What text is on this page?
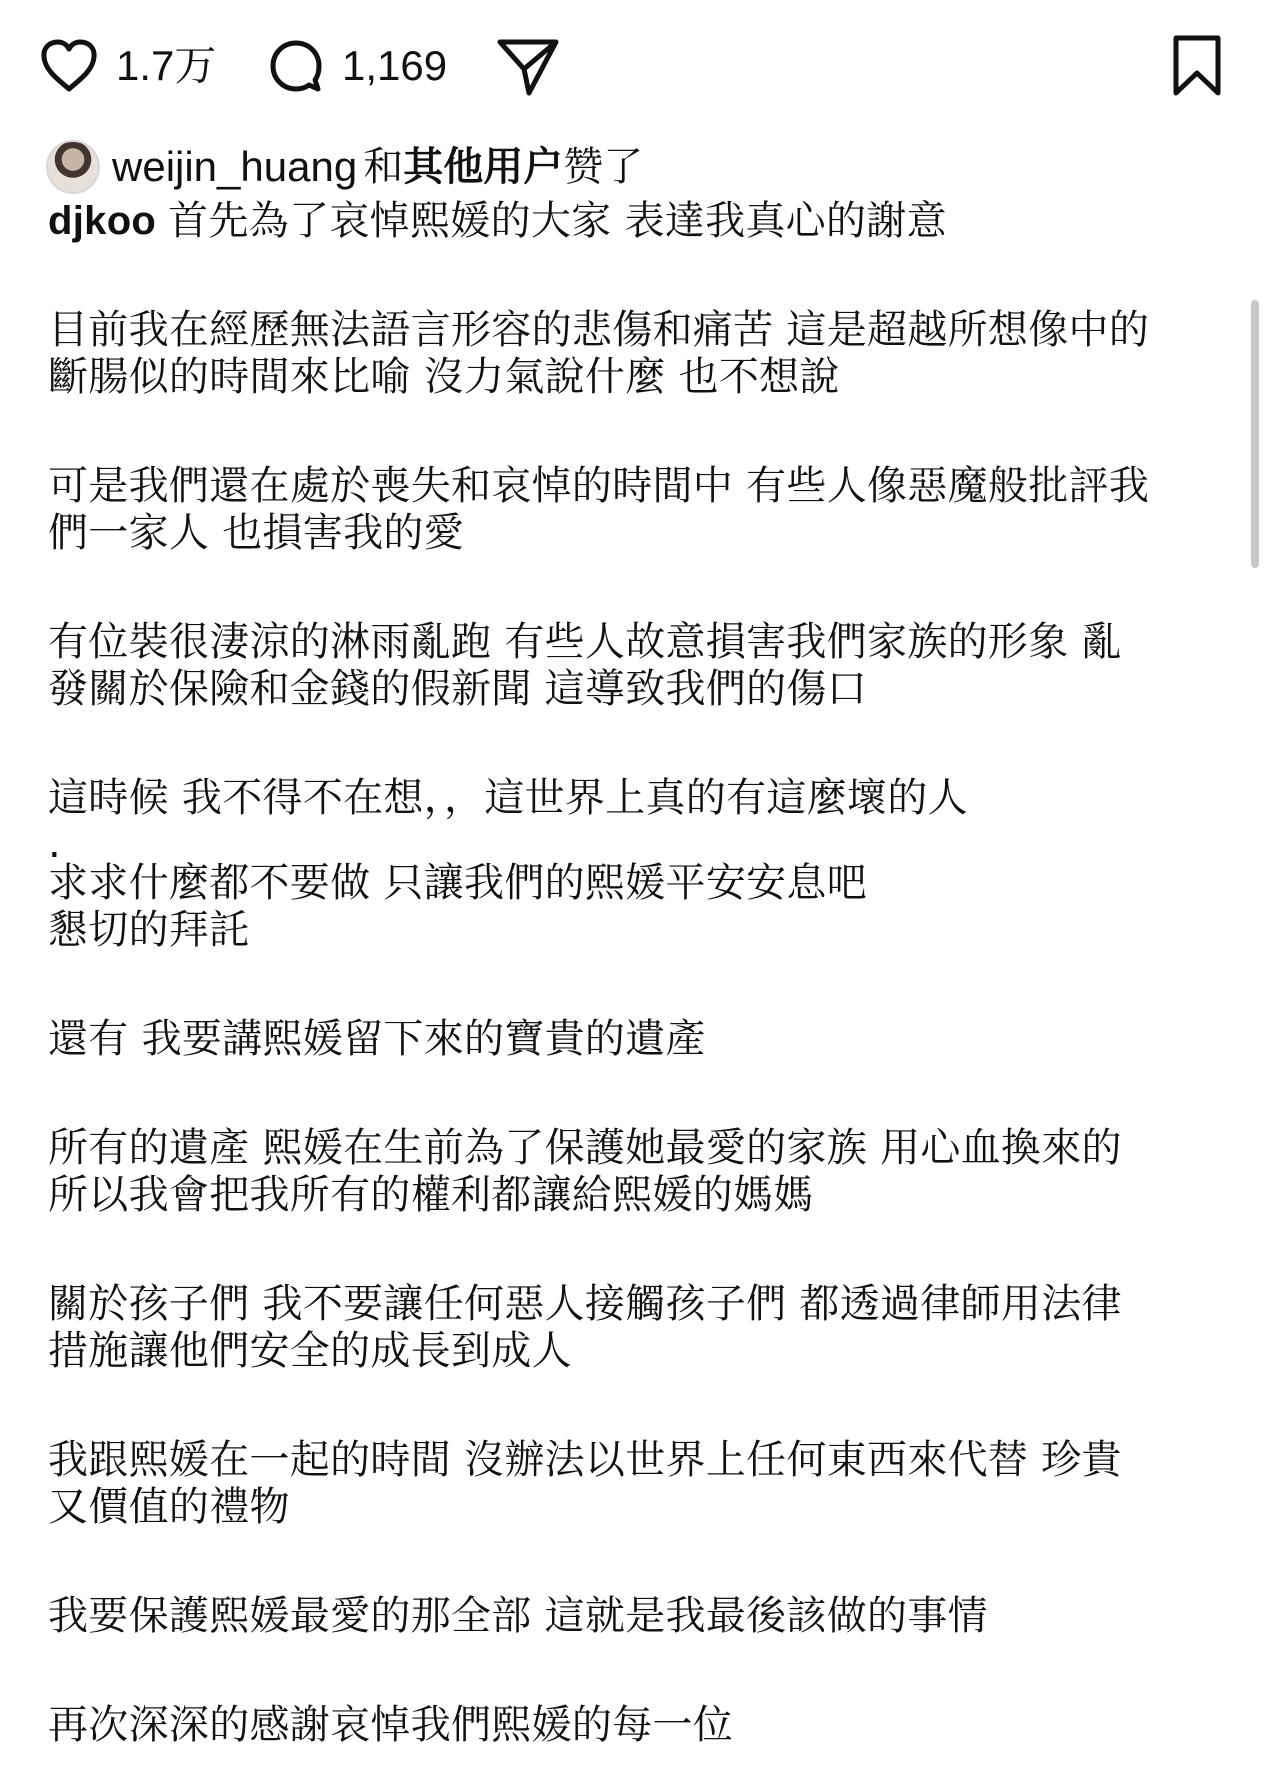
1.7万	1,169
weijin_huang 和 其他用户 赞了
djkoo 首先為了哀悼熙媛的大家 表達我真心的謝意
目前我在經歷無法語言形容的悲傷和痛苦 這是超越所想像中的
斷腸似的時間來比喻 沒力氣說什麼 也不想說
可是我們還在處於喪失和哀悼的時間中 有些人像惡魔般批評我
們一家人 也損害我的愛
有位裝很淒涼的淋雨亂跑 有些人故意損害我們家族的形象 亂
發關於保險和金錢的假新聞 這導致我們的傷口
這時候 我不得不在想，，這世界上真的有這麼壞的人
.
求求什麼都不要做 只讓我們的熙媛平安安息吧
懇切的拜託
還有 我要講熙媛留下來的寶貴的遺產
所有的遺產 熙媛在生前為了保護她最愛的家族 用心血換來的
所以我會把我所有的權利都讓給熙媛的媽媽
關於孩子們 我不要讓任何惡人接觸孩子們 都透過律師用法律
措施讓他們安全的成長到成人
我跟熙媛在一起的時間 沒辦法以世界上任何東西來代替 珍貴
又價值的禮物
我要保護熙媛最愛的那全部 這就是我最後該做的事情
再次深深的感謝哀悼我們熙媛的每一位
